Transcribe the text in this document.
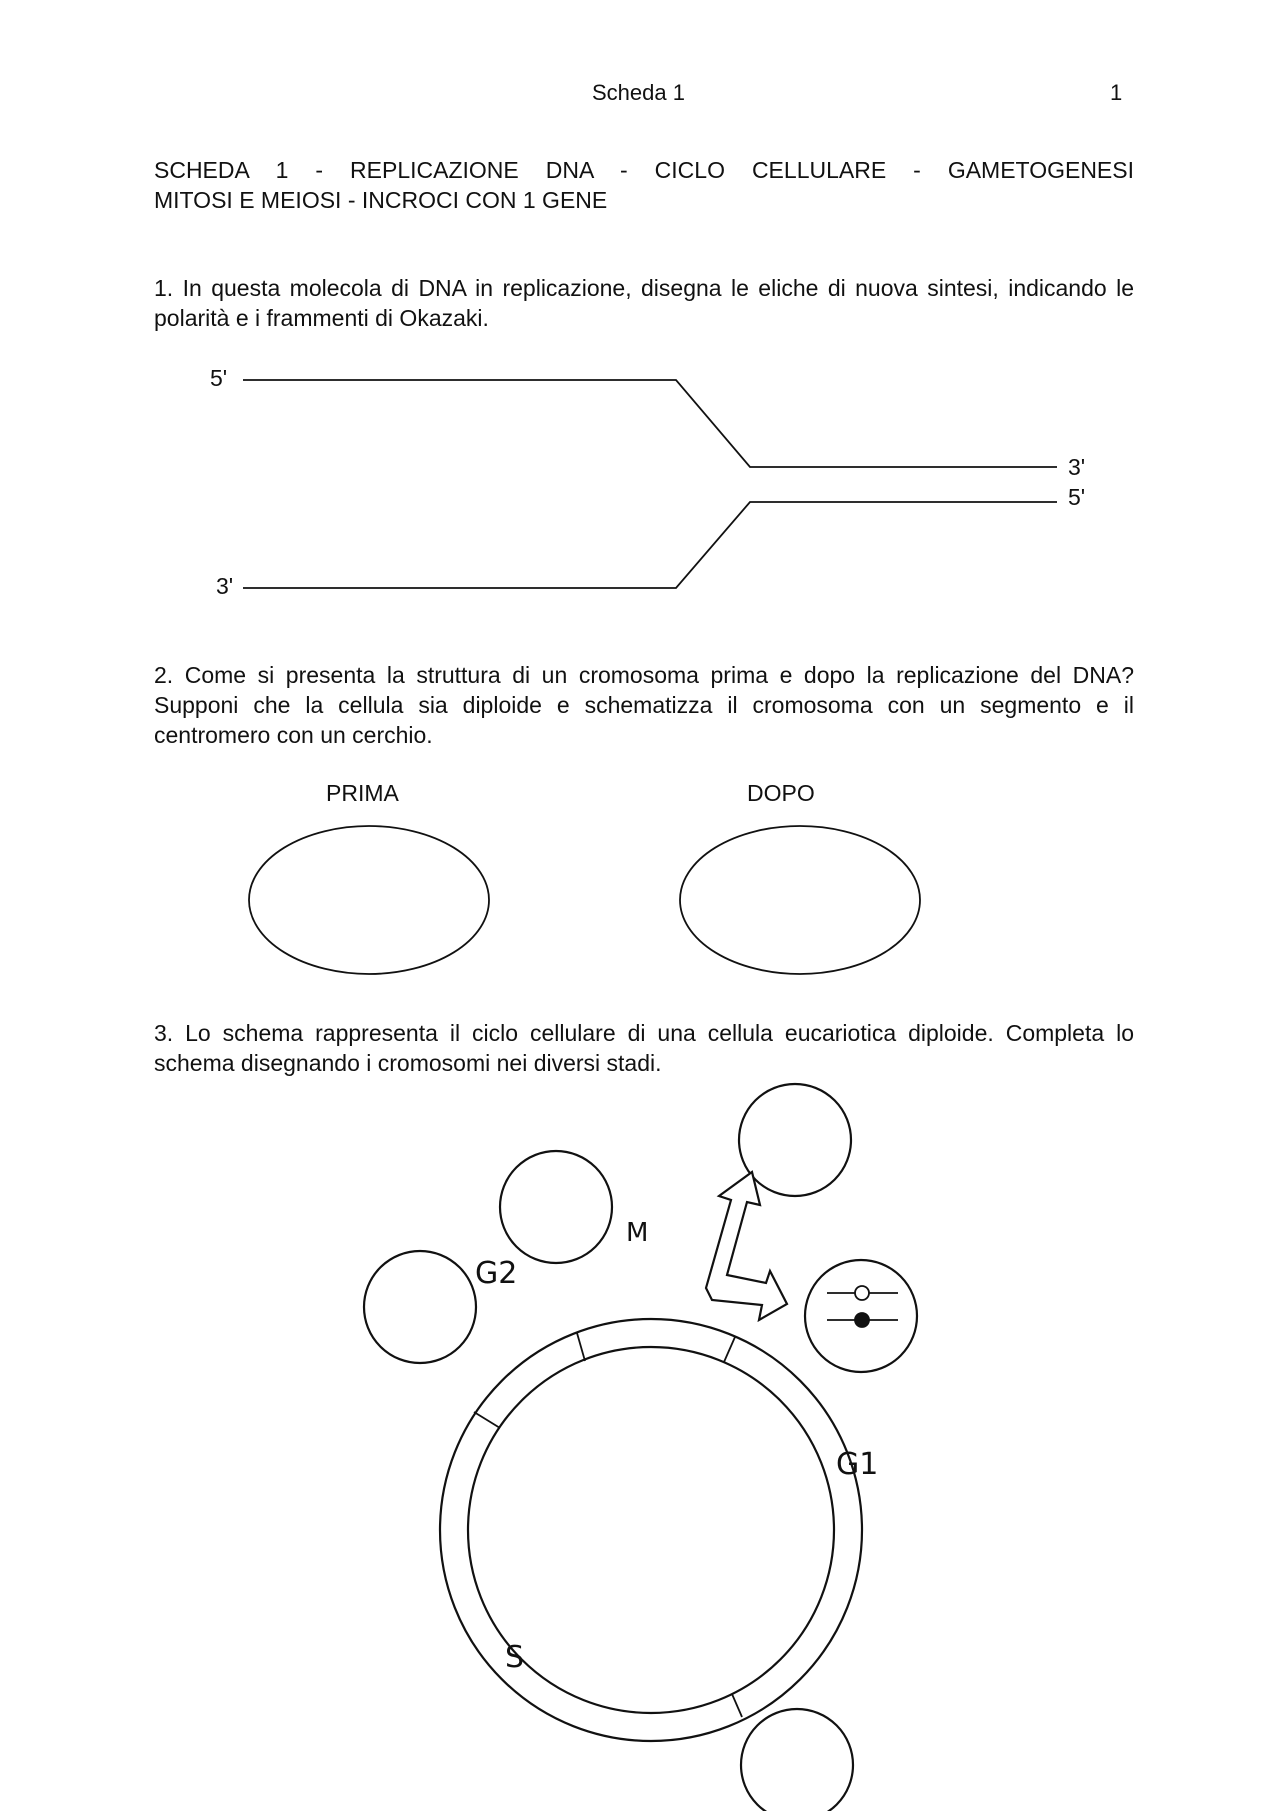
Scheda 1	1
SCHEDA 1 - REPLICAZIONE DNA - CICLO CELLULARE - GAMETOGENESI
MITOSI E MEIOSI - INCROCI CON 1 GENE

1. In questa molecola di DNA in replicazione, disegna le eliche di nuova sintesi, indicando le polarità e i frammenti di Okazaki.

5'
3'
3'
5'

2. Come si presenta la struttura di un cromosoma prima e dopo la replicazione del DNA? Supponi che la cellula sia diploide e schematizza il cromosoma con un segmento e il centromero con un cerchio.

PRIMA	DOPO

3. Lo schema rappresenta il ciclo cellulare di una cellula eucariotica diploide. Completa lo schema disegnando i cromosomi nei diversi stadi.

M
G2
G1
S
